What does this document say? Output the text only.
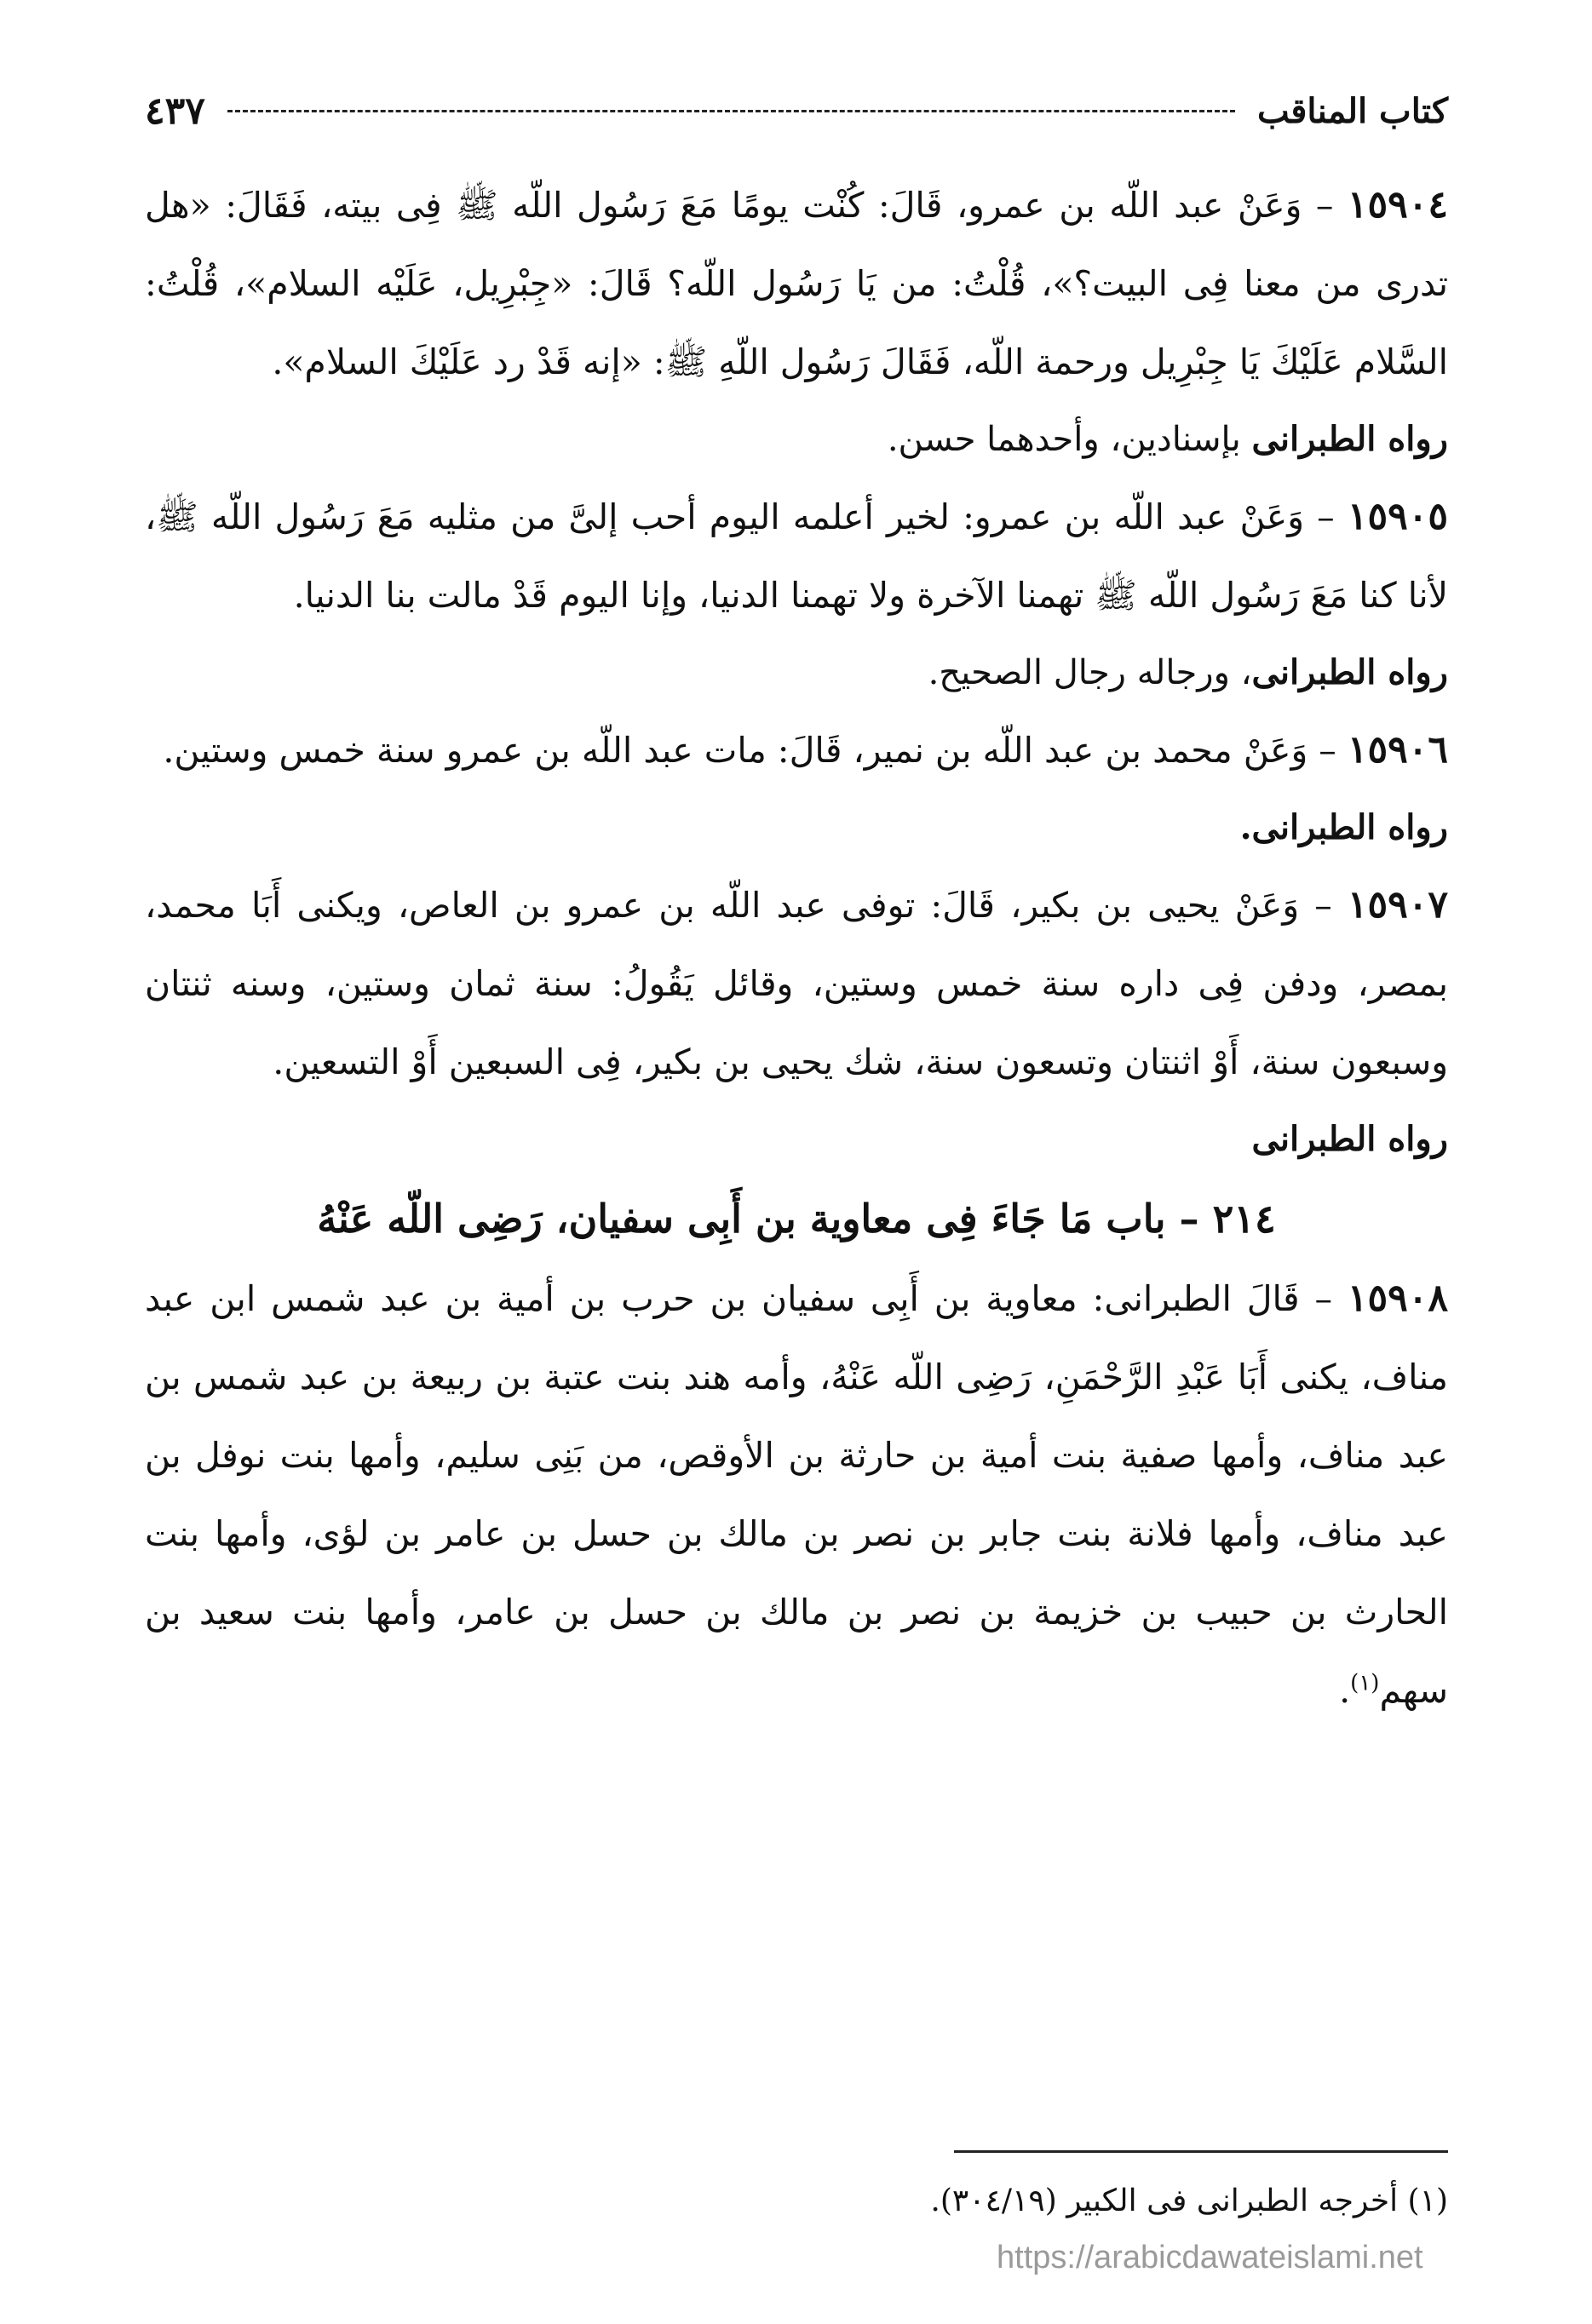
كتاب المناقب
٤٣٧

١٥٩٠٤ – وَعَنْ عبد اللّه بن عمرو، قَالَ: كُنْت يومًا مَعَ رَسُول اللّه ﷺ فِى بيته، فَقَالَ: «هل تدرى من معنا فِى البيت؟»، قُلْتُ: من يَا رَسُول اللّه؟ قَالَ: «جِبْرِيل، عَلَيْه السلام»، قُلْتُ: السَّلام عَلَيْكَ يَا جِبْرِيل ورحمة اللّه، فَقَالَ رَسُول اللّهِ ﷺ: «إنه قَدْ رد عَلَيْكَ السلام».

رواه الطبرانى بإسنادين، وأحدهما حسن.

١٥٩٠٥ – وَعَنْ عبد اللّه بن عمرو: لخير أعلمه اليوم أحب إلىَّ من مثليه مَعَ رَسُول اللّه ﷺ، لأنا كنا مَعَ رَسُول اللّه ﷺ تهمنا الآخرة ولا تهمنا الدنيا، وإنا اليوم قَدْ مالت بنا الدنيا.

رواه الطبرانى، ورجاله رجال الصحيح.

١٥٩٠٦ – وَعَنْ محمد بن عبد اللّه بن نمير، قَالَ: مات عبد اللّه بن عمرو سنة خمس وستين.

رواه الطبرانى.

١٥٩٠٧ – وَعَنْ يحيى بن بكير، قَالَ: توفى عبد اللّه بن عمرو بن العاص، ويكنى أَبَا محمد، بمصر، ودفن فِى داره سنة خمس وستين، وقائل يَقُولُ: سنة ثمان وستين، وسنه ثنتان وسبعون سنة، أَوْ اثنتان وتسعون سنة، شك يحيى بن بكير، فِى السبعين أَوْ التسعين.

رواه الطبرانى

٢١٤ – باب مَا جَاءَ فِى معاوية بن أَبِى سفيان، رَضِى اللّه عَنْهُ

١٥٩٠٨ – قَالَ الطبرانى: معاوية بن أَبِى سفيان بن حرب بن أمية بن عبد شمس ابن عبد مناف، يكنى أَبَا عَبْدِ الرَّحْمَنِ، رَضِى اللّه عَنْهُ، وأمه هند بنت عتبة بن ربيعة بن عبد شمس بن عبد مناف، وأمها صفية بنت أمية بن حارثة بن الأوقص، من بَنِى سليم، وأمها بنت نوفل بن عبد مناف، وأمها فلانة بنت جابر بن نصر بن مالك بن حسل بن عامر بن لؤى، وأمها بنت الحارث بن حبيب بن خزيمة بن نصر بن مالك بن حسل بن عامر، وأمها بنت سعيد بن سهم$^{(١)}$.

(١) أخرجه الطبرانى فى الكبير (٣٠٤/١٩).

https://arabicdawateislami.net
